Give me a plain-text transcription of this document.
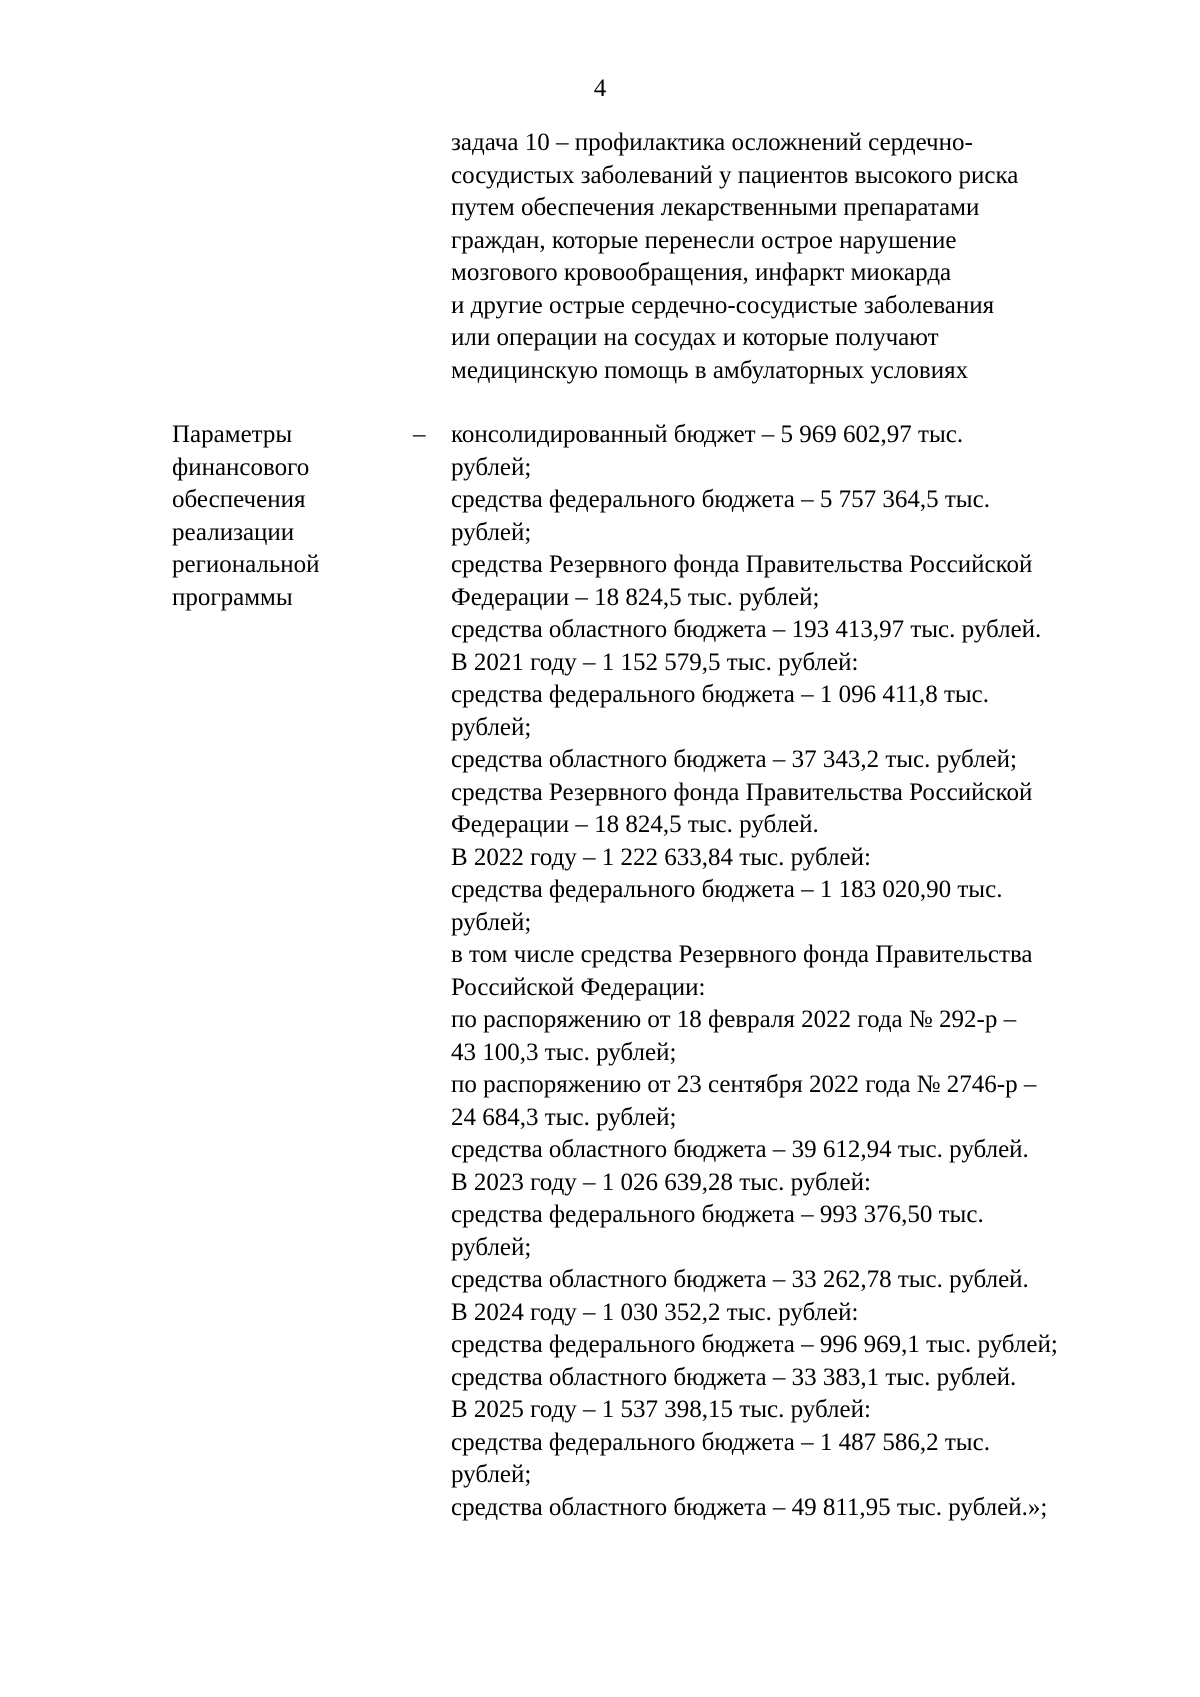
4
задача 10 – профилактика осложнений сердечно-
сосудистых заболеваний у пациентов высокого риска
путем обеспечения лекарственными препаратами
граждан, которые перенесли острое нарушение
мозгового кровообращения, инфаркт миокарда
и другие острые сердечно-сосудистые заболевания
или операции на сосудах и которые получают
медицинскую помощь в амбулаторных условиях
Параметры
финансового
обеспечения
реализации
региональной
программы
– консолидированный бюджет – 5 969 602,97 тыс.
рублей;
средства федерального бюджета – 5 757 364,5 тыс.
рублей;
средства Резервного фонда Правительства Российской
Федерации – 18 824,5 тыс. рублей;
средства областного бюджета – 193 413,97 тыс. рублей.
В 2021 году – 1 152 579,5 тыс. рублей:
средства федерального бюджета – 1 096 411,8 тыс.
рублей;
средства областного бюджета – 37 343,2 тыс. рублей;
средства Резервного фонда Правительства Российской
Федерации – 18 824,5 тыс. рублей.
В 2022 году – 1 222 633,84 тыс. рублей:
средства федерального бюджета – 1 183 020,90 тыс.
рублей;
в том числе средства Резервного фонда Правительства
Российской Федерации:
по распоряжению от 18 февраля 2022 года № 292-р –
43 100,3 тыс. рублей;
по распоряжению от 23 сентября 2022 года № 2746-р –
24 684,3 тыс. рублей;
средства областного бюджета – 39 612,94 тыс. рублей.
В 2023 году – 1 026 639,28 тыс. рублей:
средства федерального бюджета – 993 376,50 тыс.
рублей;
средства областного бюджета – 33 262,78 тыс. рублей.
В 2024 году – 1 030 352,2 тыс. рублей:
средства федерального бюджета – 996 969,1 тыс. рублей;
средства областного бюджета – 33 383,1 тыс. рублей.
В 2025 году – 1 537 398,15 тыс. рублей:
средства федерального бюджета – 1 487 586,2 тыс.
рублей;
средства областного бюджета – 49 811,95 тыс. рублей.»;
